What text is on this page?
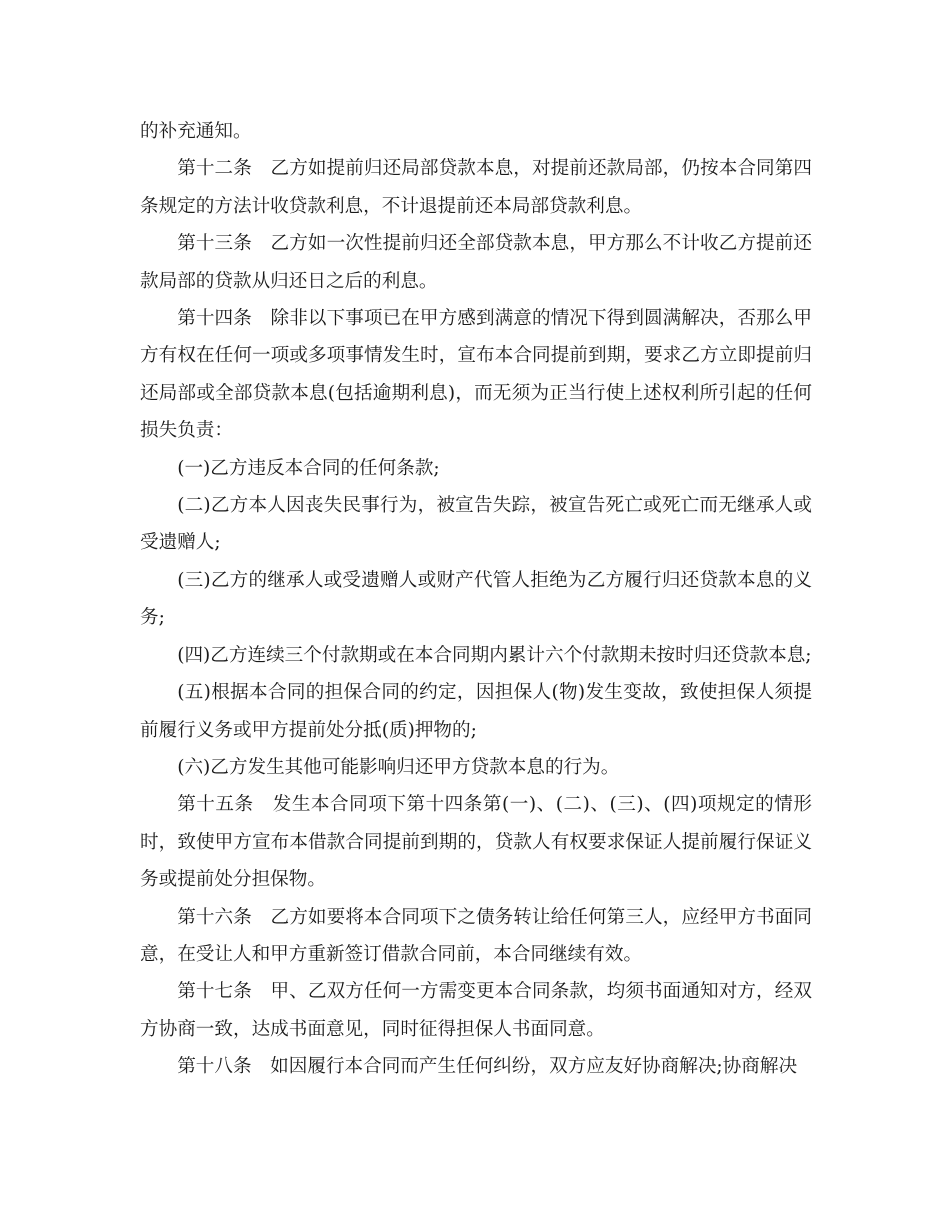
的补充通知。

第十二条　乙方如提前归还局部贷款本息，对提前还款局部，仍按本合同第四条规定的方法计收贷款利息，不计退提前还本局部贷款利息。

第十三条　乙方如一次性提前归还全部贷款本息，甲方那么不计收乙方提前还款局部的贷款从归还日之后的利息。

第十四条　除非以下事项已在甲方感到满意的情况下得到圆满解决，否那么甲方有权在任何一项或多项事情发生时，宣布本合同提前到期，要求乙方立即提前归还局部或全部贷款本息(包括逾期利息)，而无须为正当行使上述权利所引起的任何损失负责：

(一)乙方违反本合同的任何条款;

(二)乙方本人因丧失民事行为，被宣告失踪，被宣告死亡或死亡而无继承人或受遗赠人;

(三)乙方的继承人或受遗赠人或财产代管人拒绝为乙方履行归还贷款本息的义务;

(四)乙方连续三个付款期或在本合同期内累计六个付款期未按时归还贷款本息;

(五)根据本合同的担保合同的约定，因担保人(物)发生变故，致使担保人须提前履行义务或甲方提前处分抵(质)押物的;

(六)乙方发生其他可能影响归还甲方贷款本息的行为。

第十五条　发生本合同项下第十四条第(一)、(二)、(三)、(四)项规定的情形时，致使甲方宣布本借款合同提前到期的，贷款人有权要求保证人提前履行保证义务或提前处分担保物。

第十六条　乙方如要将本合同项下之债务转让给任何第三人，应经甲方书面同意，在受让人和甲方重新签订借款合同前，本合同继续有效。

第十七条　甲、乙双方任何一方需变更本合同条款，均须书面通知对方，经双方协商一致，达成书面意见，同时征得担保人书面同意。

第十八条　如因履行本合同而产生任何纠纷，双方应友好协商解决;协商解决
